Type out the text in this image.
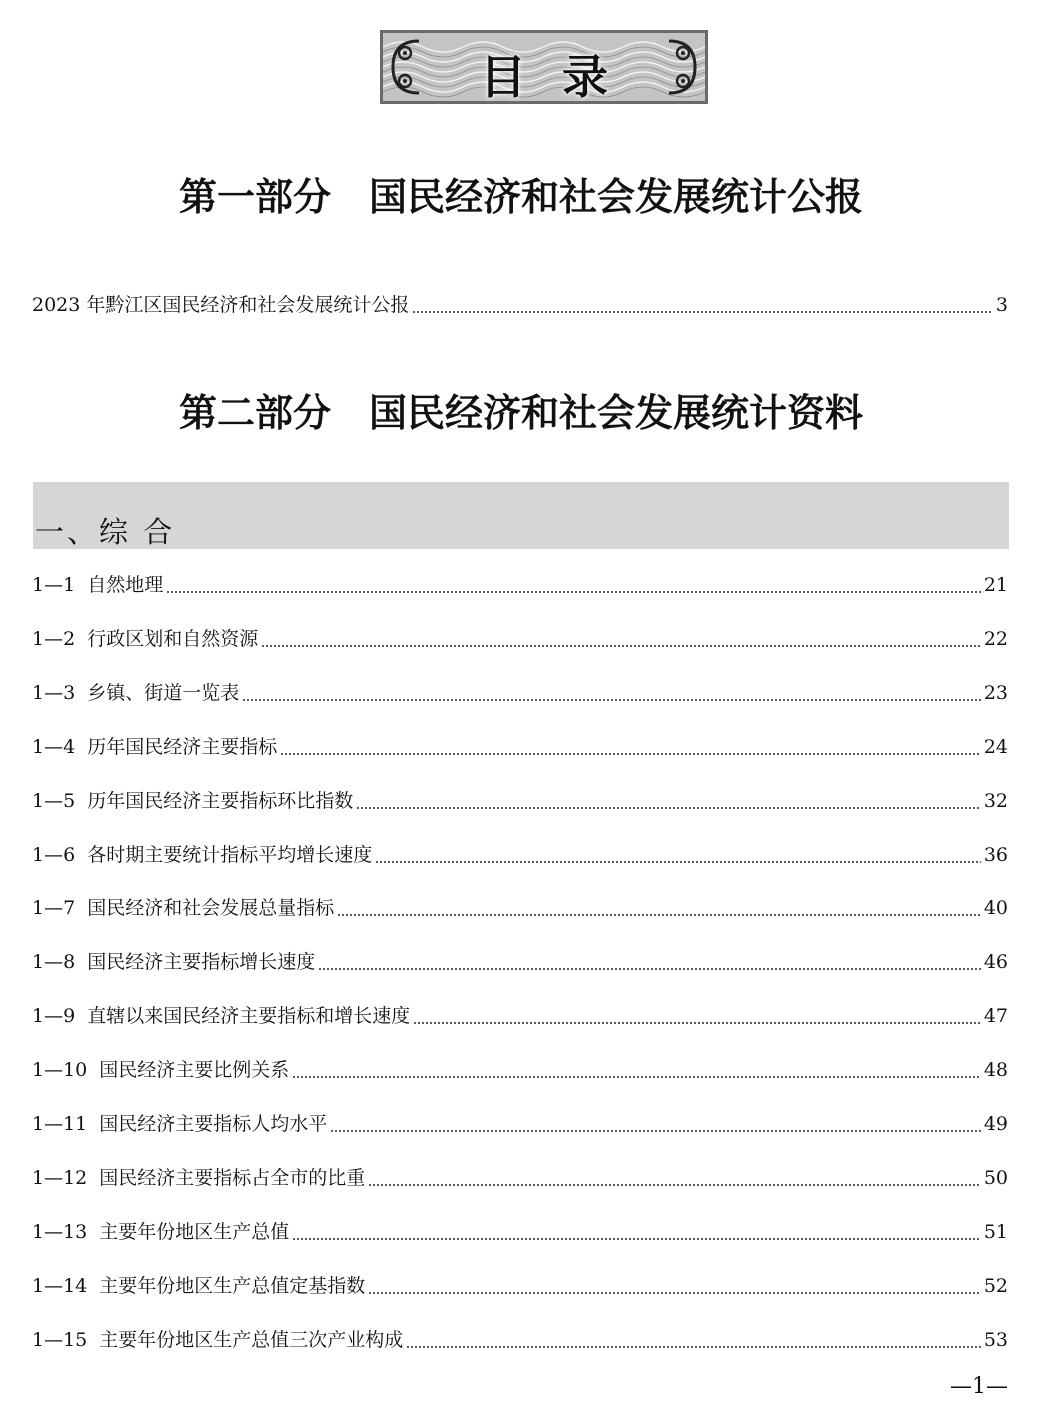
目录
第一部分　国民经济和社会发展统计公报
2023 年黔江区国民经济和社会发展统计公报	3
第二部分　国民经济和社会发展统计资料
一、综 合
1—1 自然地理	21
1—2 行政区划和自然资源	22
1—3 乡镇、街道一览表	23
1—4 历年国民经济主要指标	24
1—5 历年国民经济主要指标环比指数	32
1—6 各时期主要统计指标平均增长速度	36
1—7 国民经济和社会发展总量指标	40
1—8 国民经济主要指标增长速度	46
1—9 直辖以来国民经济主要指标和增长速度	47
1—10 国民经济主要比例关系	48
1—11 国民经济主要指标人均水平	49
1—12 国民经济主要指标占全市的比重	50
1—13 主要年份地区生产总值	51
1—14 主要年份地区生产总值定基指数	52
1—15 主要年份地区生产总值三次产业构成	53
—1—
